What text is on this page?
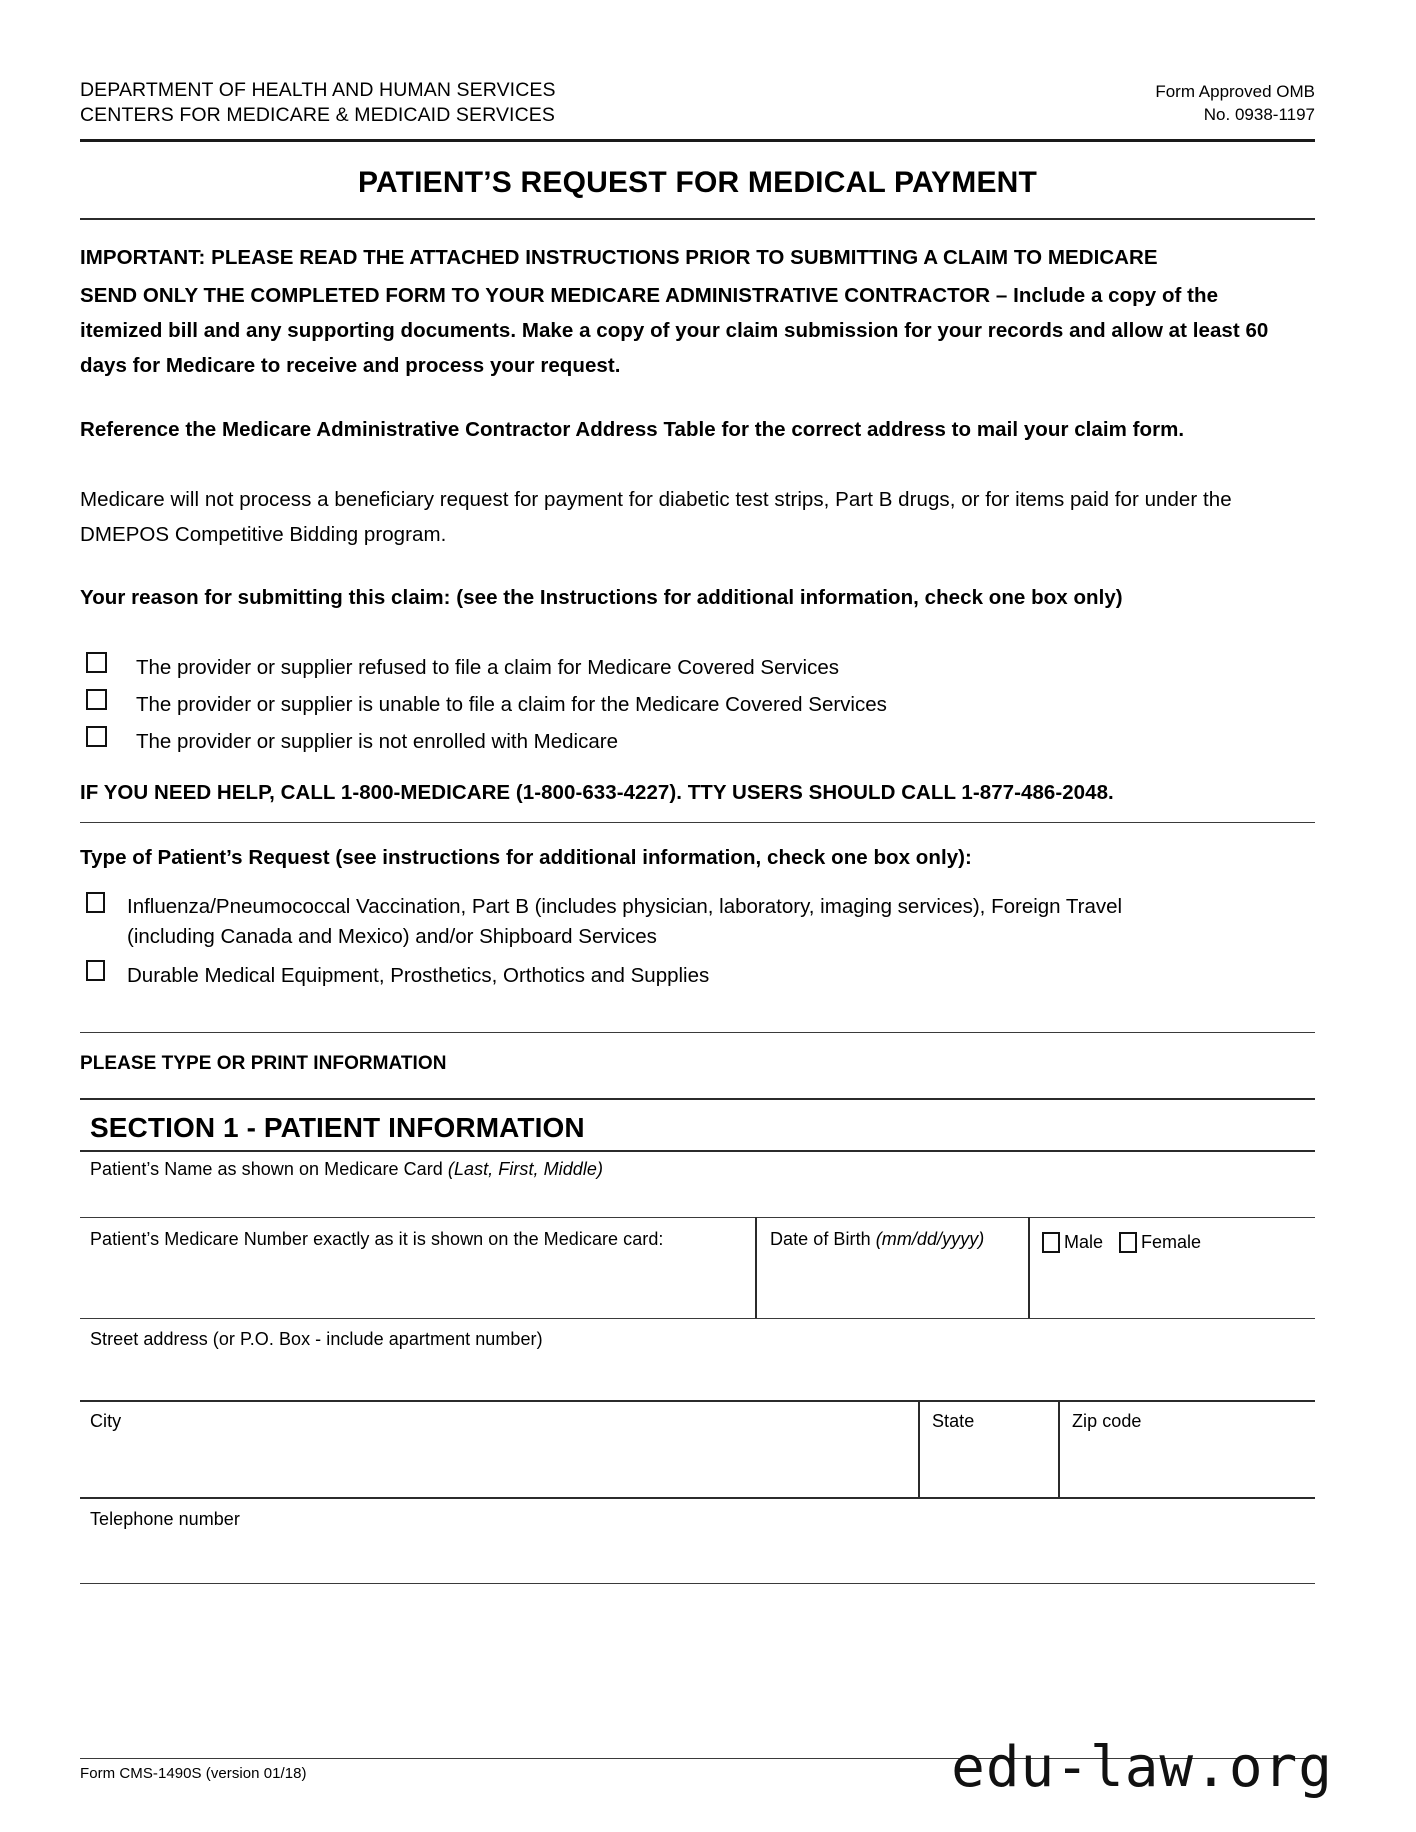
DEPARTMENT OF HEALTH AND HUMAN SERVICES
CENTERS FOR MEDICARE & MEDICAID SERVICES
Form Approved OMB
No. 0938-1197
PATIENT’S REQUEST FOR MEDICAL PAYMENT
IMPORTANT: PLEASE READ THE ATTACHED INSTRUCTIONS PRIOR TO SUBMITTING A CLAIM TO MEDICARE
SEND ONLY THE COMPLETED FORM TO YOUR MEDICARE ADMINISTRATIVE CONTRACTOR – Include a copy of the itemized bill and any supporting documents. Make a copy of your claim submission for your records and allow at least 60 days for Medicare to receive and process your request.
Reference the Medicare Administrative Contractor Address Table for the correct address to mail your claim form.
Medicare will not process a beneficiary request for payment for diabetic test strips, Part B drugs, or for items paid for under the DMEPOS Competitive Bidding program.
Your reason for submitting this claim: (see the Instructions for additional information, check one box only)
The provider or supplier refused to file a claim for Medicare Covered Services
The provider or supplier is unable to file a claim for the Medicare Covered Services
The provider or supplier is not enrolled with Medicare
IF YOU NEED HELP, CALL 1-800-MEDICARE (1-800-633-4227). TTY USERS SHOULD CALL 1-877-486-2048.
Type of Patient’s Request (see instructions for additional information, check one box only):
Influenza/Pneumococcal Vaccination, Part B (includes physician, laboratory, imaging services), Foreign Travel (including Canada and Mexico) and/or Shipboard Services
Durable Medical Equipment, Prosthetics, Orthotics and Supplies
PLEASE TYPE OR PRINT INFORMATION
SECTION 1 - PATIENT INFORMATION
Patient’s Name as shown on Medicare Card (Last, First, Middle)
Patient’s Medicare Number exactly as it is shown on the Medicare card:	Date of Birth (mm/dd/yyyy)	Male Female
Street address (or P.O. Box - include apartment number)
City	State	Zip code
Telephone number
Form CMS-1490S (version 01/18)	edu-law.org
